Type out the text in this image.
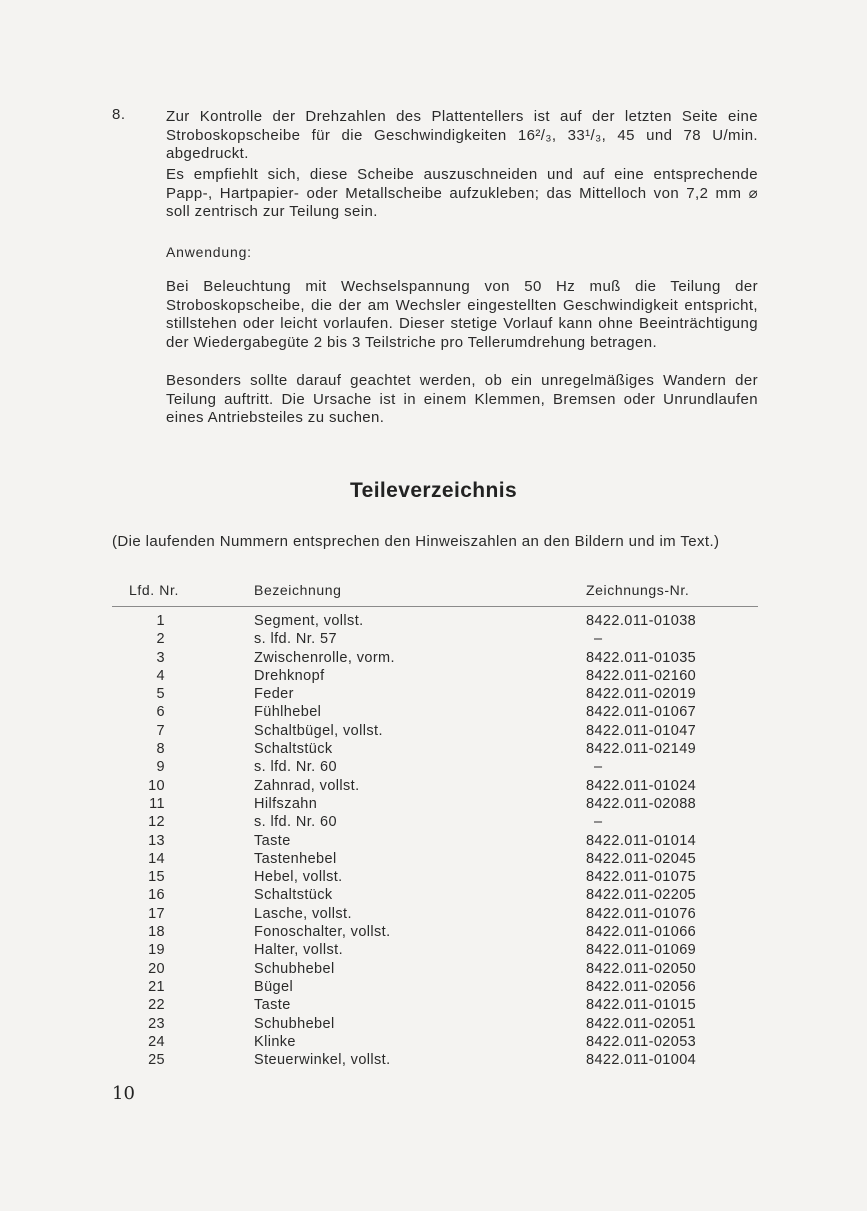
8.	Zur Kontrolle der Drehzahlen des Plattentellers ist auf der letzten Seite eine Stroboskopscheibe für die Geschwindigkeiten 16²/₃, 33¹/₃, 45 und 78 U/min. abgedruckt.

Es empfiehlt sich, diese Scheibe auszuschneiden und auf eine entsprechende Papp-, Hartpapier- oder Metallscheibe aufzukleben; das Mittelloch von 7,2 mm ⌀ soll zentrisch zur Teilung sein.

Anwendung:

Bei Beleuchtung mit Wechselspannung von 50 Hz muß die Teilung der Stroboskopscheibe, die der am Wechsler eingestellten Geschwindigkeit entspricht, stillstehen oder leicht vorlaufen. Dieser stetige Vorlauf kann ohne Beeinträchtigung der Wiedergabegüte 2 bis 3 Teilstriche pro Tellerumdrehung betragen.

Besonders sollte darauf geachtet werden, ob ein unregelmäßiges Wandern der Teilung auftritt. Die Ursache ist in einem Klemmen, Bremsen oder Unrundlaufen eines Antriebsteiles zu suchen.

Teileverzeichnis
(Die laufenden Nummern entsprechen den Hinweiszahlen an den Bildern und im Text.)
Lfd. Nr.	Bezeichnung	Zeichnungs-Nr.
1	Segment, vollst.	8422.011-01038
2	s. lfd. Nr. 57	–
3	Zwischenrolle, vorm.	8422.011-01035
4	Drehknopf	8422.011-02160
5	Feder	8422.011-02019
6	Fühlhebel	8422.011-01067
7	Schaltbügel, vollst.	8422.011-01047
8	Schaltstück	8422.011-02149
9	s. lfd. Nr. 60	–
10	Zahnrad, vollst.	8422.011-01024
11	Hilfszahn	8422.011-02088
12	s. lfd. Nr. 60	–
13	Taste	8422.011-01014
14	Tastenhebel	8422.011-02045
15	Hebel, vollst.	8422.011-01075
16	Schaltstück	8422.011-02205
17	Lasche, vollst.	8422.011-01076
18	Fonoschalter, vollst.	8422.011-01066
19	Halter, vollst.	8422.011-01069
20	Schubhebel	8422.011-02050
21	Bügel	8422.011-02056
22	Taste	8422.011-01015
23	Schubhebel	8422.011-02051
24	Klinke	8422.011-02053
25	Steuerwinkel, vollst.	8422.011-01004
10
